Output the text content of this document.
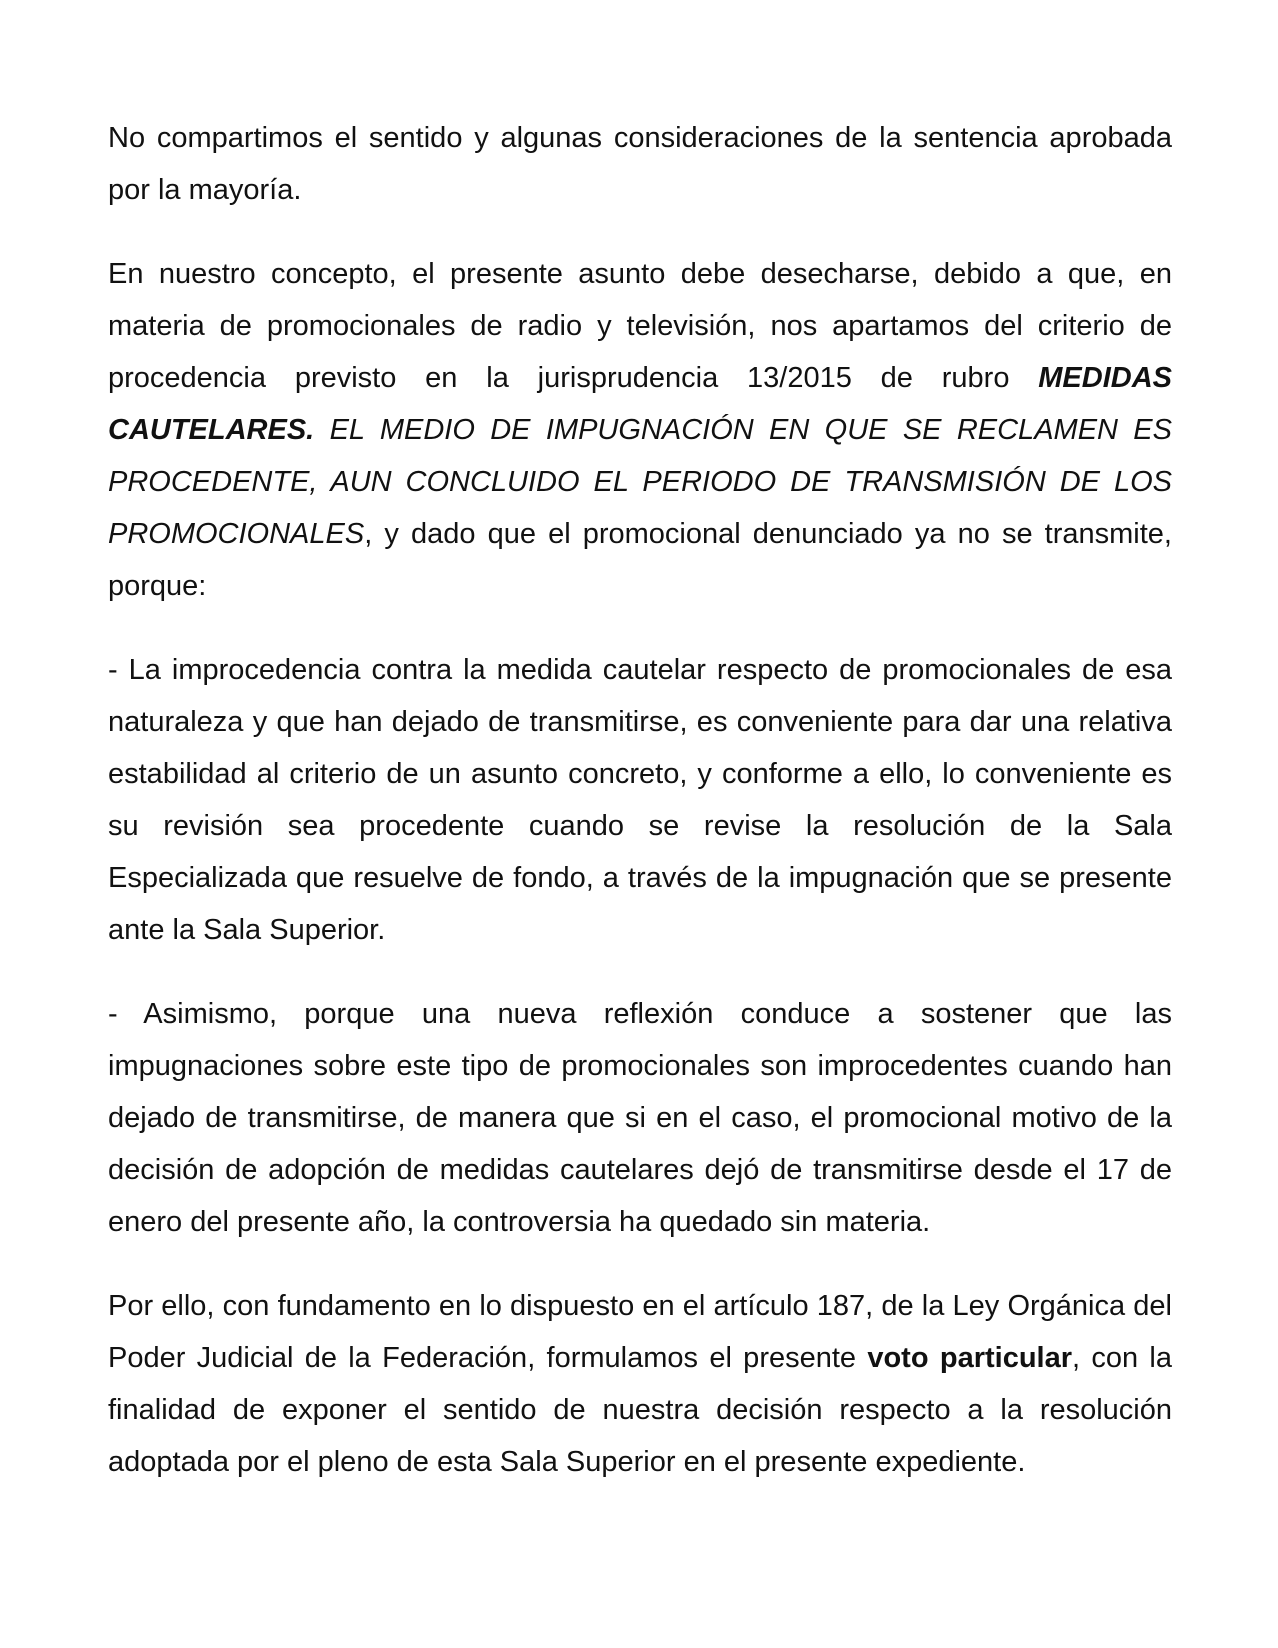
No compartimos el sentido y algunas consideraciones de la sentencia aprobada por la mayoría.

En nuestro concepto, el presente asunto debe desecharse, debido a que, en materia de promocionales de radio y televisión, nos apartamos del criterio de procedencia previsto en la jurisprudencia 13/2015 de rubro MEDIDAS CAUTELARES. EL MEDIO DE IMPUGNACIÓN EN QUE SE RECLAMEN ES PROCEDENTE, AUN CONCLUIDO EL PERIODO DE TRANSMISIÓN DE LOS PROMOCIONALES, y dado que el promocional denunciado ya no se transmite, porque:

- La improcedencia contra la medida cautelar respecto de promocionales de esa naturaleza y que han dejado de transmitirse, es conveniente para dar una relativa estabilidad al criterio de un asunto concreto, y conforme a ello, lo conveniente es su revisión sea procedente cuando se revise la resolución de la Sala Especializada que resuelve de fondo, a través de la impugnación que se presente ante la Sala Superior.

- Asimismo, porque una nueva reflexión conduce a sostener que las impugnaciones sobre este tipo de promocionales son improcedentes cuando han dejado de transmitirse, de manera que si en el caso, el promocional motivo de la decisión de adopción de medidas cautelares dejó de transmitirse desde el 17 de enero del presente año, la controversia ha quedado sin materia.

Por ello, con fundamento en lo dispuesto en el artículo 187, de la Ley Orgánica del Poder Judicial de la Federación, formulamos el presente voto particular, con la finalidad de exponer el sentido de nuestra decisión respecto a la resolución adoptada por el pleno de esta Sala Superior en el presente expediente.
